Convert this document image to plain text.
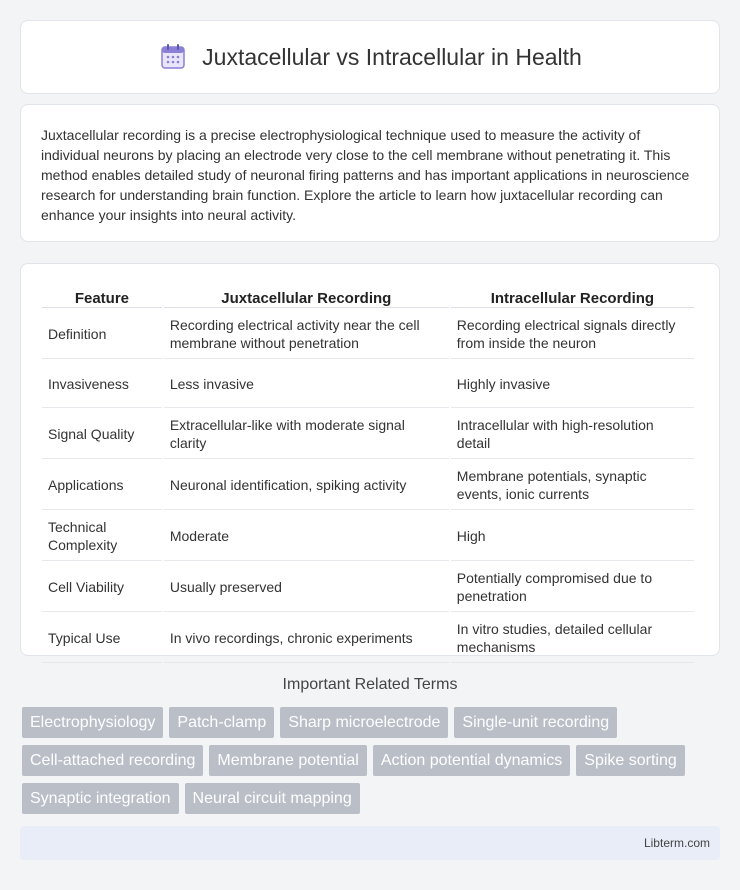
Juxtacellular vs Intracellular in Health

Juxtacellular recording is a precise electrophysiological technique used to measure the activity of individual neurons by placing an electrode very close to the cell membrane without penetrating it. This method enables detailed study of neuronal firing patterns and has important applications in neuroscience research for understanding brain function. Explore the article to learn how juxtacellular recording can enhance your insights into neural activity.

Feature	Juxtacellular Recording	Intracellular Recording
Definition	Recording electrical activity near the cell membrane without penetration	Recording electrical signals directly from inside the neuron
Invasiveness	Less invasive	Highly invasive
Signal Quality	Extracellular-like with moderate signal clarity	Intracellular with high-resolution detail
Applications	Neuronal identification, spiking activity	Membrane potentials, synaptic events, ionic currents
Technical Complexity	Moderate	High
Cell Viability	Usually preserved	Potentially compromised due to penetration
Typical Use	In vivo recordings, chronic experiments	In vitro studies, detailed cellular mechanisms
Important Related Terms
Electrophysiology	Patch-clamp	Sharp microelectrode	Single-unit recording
Cell-attached recording	Membrane potential	Action potential dynamics	Spike sorting
Synaptic integration	Neural circuit mapping
Libterm.com
